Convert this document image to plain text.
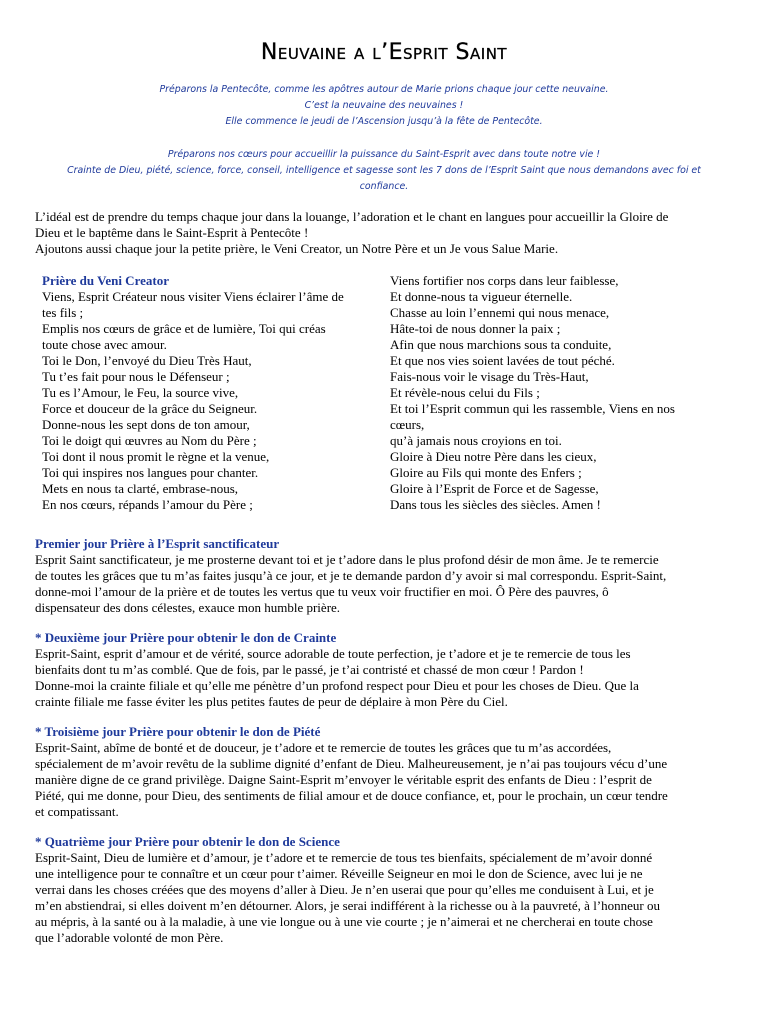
Neuvaine a l’Esprit Saint
Préparons la Pentecôte, comme les apôtres autour de Marie prions chaque jour cette neuvaine.
C’est la neuvaine des neuvaines !
Elle commence le jeudi de l’Ascension jusqu’à la fête de Pentecôte.
Préparons nos cœurs pour accueillir la puissance du Saint-Esprit avec dans toute notre vie !
Crainte de Dieu, piété, science, force, conseil, intelligence et sagesse sont les 7 dons de l’Esprit Saint que nous demandons avec foi et
confiance.
L’idéal est de prendre du temps chaque jour dans la louange, l’adoration et le chant en langues pour accueillir la Gloire de
Dieu et le baptême dans le Saint-Esprit à Pentecôte !
Ajoutons aussi chaque jour la petite prière, le Veni Creator, un Notre Père et un Je vous Salue Marie.
Prière du Veni Creator
Viens, Esprit Créateur nous visiter Viens éclairer l’âme de
tes fils ;
Emplis nos cœurs de grâce et de lumière, Toi qui créas
toute chose avec amour.
Toi le Don, l’envoyé du Dieu Très Haut,
Tu t’es fait pour nous le Défenseur ;
Tu es l’Amour, le Feu, la source vive,
Force et douceur de la grâce du Seigneur.
Donne-nous les sept dons de ton amour,
Toi le doigt qui œuvres au Nom du Père ;
Toi dont il nous promit le règne et la venue,
Toi qui inspires nos langues pour chanter.
Mets en nous ta clarté, embrase-nous,
En nos cœurs, répands l’amour du Père ;
Viens fortifier nos corps dans leur faiblesse,
Et donne-nous ta vigueur éternelle.
Chasse au loin l’ennemi qui nous menace,
Hâte-toi de nous donner la paix ;
Afin que nous marchions sous ta conduite,
Et que nos vies soient lavées de tout péché.
Fais-nous voir le visage du Très-Haut,
Et révèle-nous celui du Fils ;
Et toi l’Esprit commun qui les rassemble, Viens en nos
cœurs,
qu’à jamais nous croyions en toi.
Gloire à Dieu notre Père dans les cieux,
Gloire au Fils qui monte des Enfers ;
Gloire à l’Esprit de Force et de Sagesse,
Dans tous les siècles des siècles. Amen !
Premier jour Prière à l’Esprit sanctificateur
Esprit Saint sanctificateur, je me prosterne devant toi et je t’adore dans le plus profond désir de mon âme. Je te remercie
de toutes les grâces que tu m’as faites jusqu’à ce jour, et je te demande pardon d’y avoir si mal correspondu. Esprit-Saint,
donne-moi l’amour de la prière et de toutes les vertus que tu veux voir fructifier en moi. Ô Père des pauvres, ô
dispensateur des dons célestes, exauce mon humble prière.
* Deuxième jour Prière pour obtenir le don de Crainte
Esprit-Saint, esprit d’amour et de vérité, source adorable de toute perfection, je t’adore et je te remercie de tous les
bienfaits dont tu m’as comblé. Que de fois, par le passé, je t’ai contristé et chassé de mon cœur ! Pardon !
Donne-moi la crainte filiale et qu’elle me pénètre d’un profond respect pour Dieu et pour les choses de Dieu. Que la
crainte filiale me fasse éviter les plus petites fautes de peur de déplaire à mon Père du Ciel.
* Troisième jour Prière pour obtenir le don de Piété
Esprit-Saint, abîme de bonté et de douceur, je t’adore et te remercie de toutes les grâces que tu m’as accordées,
spécialement de m’avoir revêtu de la sublime dignité d’enfant de Dieu. Malheureusement, je n’ai pas toujours vécu d’une
manière digne de ce grand privilège. Daigne Saint-Esprit m’envoyer le véritable esprit des enfants de Dieu : l’esprit de
Piété, qui me donne, pour Dieu, des sentiments de filial amour et de douce confiance, et, pour le prochain, un cœur tendre
et compatissant.
* Quatrième jour Prière pour obtenir le don de Science
Esprit-Saint, Dieu de lumière et d’amour, je t’adore et te remercie de tous tes bienfaits, spécialement de m’avoir donné
une intelligence pour te connaître et un cœur pour t’aimer. Réveille Seigneur en moi le don de Science, avec lui je ne
verrai dans les choses créées que des moyens d’aller à Dieu. Je n’en userai que pour qu’elles me conduisent à Lui, et je
m’en abstiendrai, si elles doivent m’en détourner. Alors, je serai indifférent à la richesse ou à la pauvreté, à l’honneur ou
au mépris, à la santé ou à la maladie, à une vie longue ou à une vie courte ; je n’aimerai et ne chercherai en toute chose
que l’adorable volonté de mon Père.
